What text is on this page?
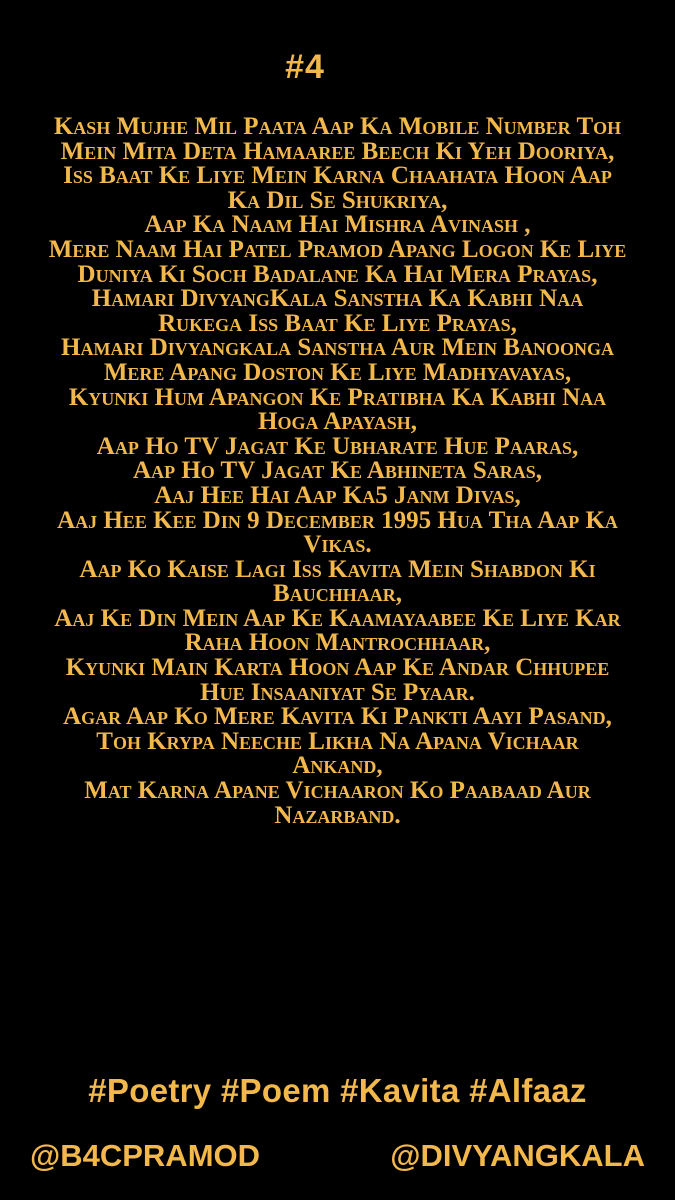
#4
Kash Mujhe Mil Paata Aap Ka Mobile Number Toh
Mein Mita Deta Hamaaree Beech Ki Yeh Dooriya,
Iss Baat Ke Liye Mein Karna Chaahata Hoon Aap
Ka Dil Se Shukriya,
Aap Ka Naam Hai Mishra Avinash ,
Mere Naam Hai Patel Pramod Apang Logon Ke Liye
Duniya Ki Soch Badalane Ka Hai Mera Prayas,
Hamari DivyangKala Sanstha Ka Kabhi Naa
Rukega Iss Baat Ke Liye Prayas,
Hamari Divyangkala Sanstha Aur Mein Banoonga
Mere Apang Doston Ke Liye Madhyavayas,
Kyunki Hum Apangon Ke Pratibha Ka Kabhi Naa
Hoga Apayash,
Aap Ho TV Jagat Ke Ubharate Hue Paaras,
Aap Ho TV Jagat Ke Abhineta Saras,
Aaj Hee Hai Aap Ka5 Janm Divas,
Aaj Hee Kee Din 9 December 1995 Hua Tha Aap Ka
Vikas.
Aap Ko Kaise Lagi Iss Kavita Mein Shabdon Ki
Bauchhaar,
Aaj Ke Din Mein Aap Ke Kaamayaabee Ke Liye Kar
Raha Hoon Mantrochhaar,
Kyunki Main Karta Hoon Aap Ke Andar Chhupee
Hue Insaaniyat Se Pyaar.
Agar Aap Ko Mere Kavita Ki Pankti Aayi Pasand,
Toh Krypa Neeche Likha Na Apana Vichaar
Ankand,
Mat Karna Apane Vichaaron Ko Paabaad Aur
Nazarband.
#Poetry #Poem #Kavita #Alfaaz
@B4CPRAMOD	@DIVYANGKALA
